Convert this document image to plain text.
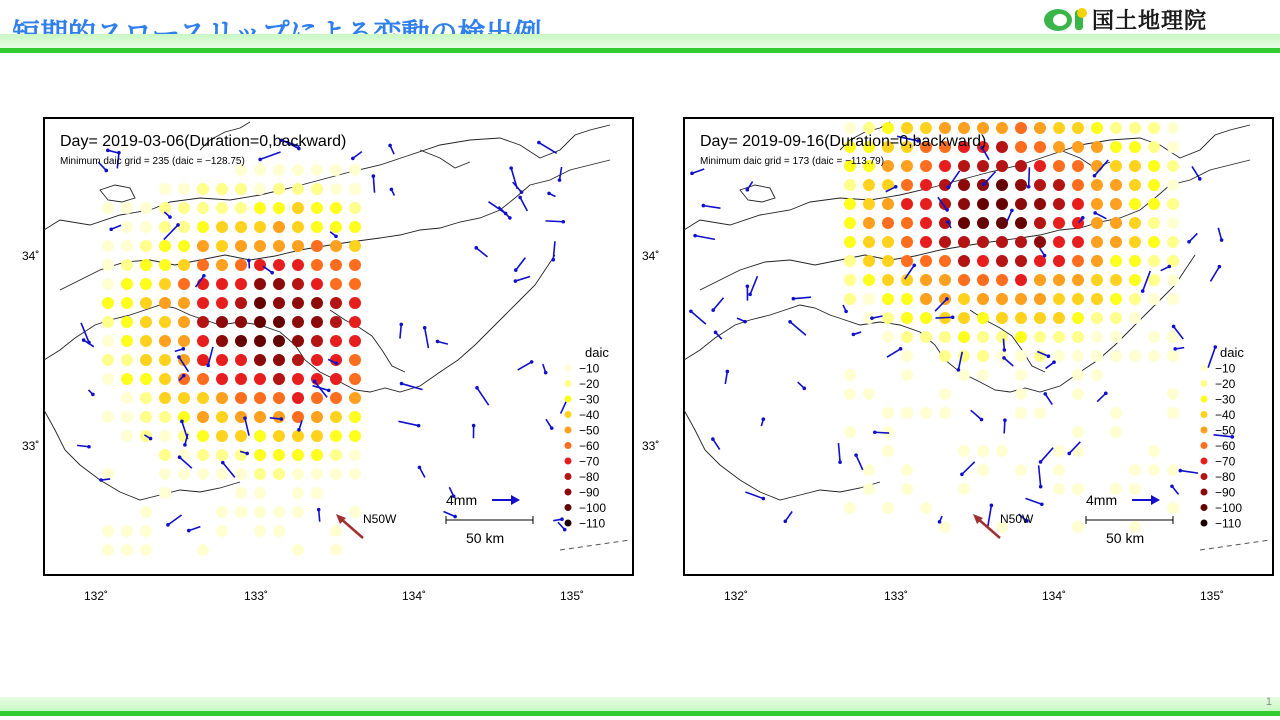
国土地理院
Day= 2019-03-06(Duration=0,backward)
Minimum daic grid = 235 (daic = −128.75)
34˚
33˚
132˚	133˚	134˚	135˚
daic
−10
−20
−30
−40
−50
−60
−70
−80
−90
−100
−110
4mm
50 km
N50W
Day= 2019-09-16(Duration=0,backward)
Minimum daic grid = 173 (daic = −113.79)
34˚
33˚
132˚	133˚	134˚	135˚
daic
−10
−20
−30
−40
−50
−60
−70
−80
−90
−100
−110
4mm
50 km
N50W
1
